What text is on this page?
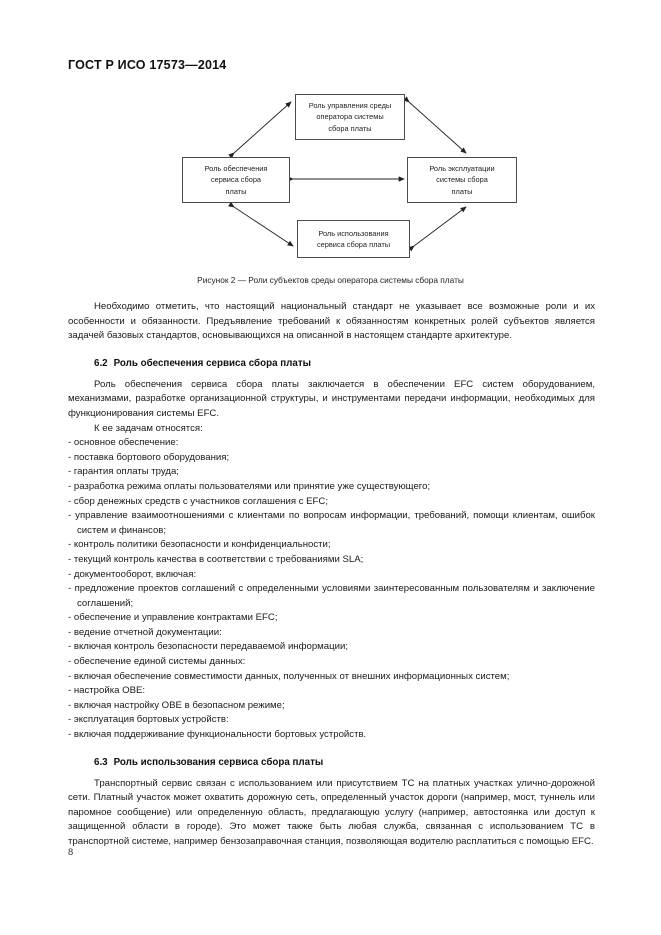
ГОСТ Р ИСО 17573—2014
Роль управления среды
оператора системы
сбора платы
Роль обеспечения
сервиса сбора
платы
Роль эксплуатации
системы сбора
платы
Роль использования
сервиса сбора платы
Рисунок 2 — Роли субъектов среды оператора системы сбора платы

Необходимо отметить, что настоящий национальный стандарт не указывает все возможные роли и их особенности и обязанности. Предъявление требований к обязанностям конкретных ролей субъектов является задачей базовых стандартов, основывающихся на описанной в настоящем стандарте архитектуре.

6.2 Роль обеспечения сервиса сбора платы

Роль обеспечения сервиса сбора платы заключается в обеспечении EFC систем оборудованием, механизмами, разработке организационной структуры, и инструментами передачи информации, необходимых для функционирования системы EFC.

К ее задачам относятся:

- основное обеспечение:
- поставка бортового оборудования;
- гарантия оплаты труда;
- разработка режима оплаты пользователями или принятие уже существующего;
- сбор денежных средств с участников соглашения с EFC;
- управление взаимоотношениями с клиентами по вопросам информации, требований, помощи клиентам, ошибок систем и финансов;
- контроль политики безопасности и конфиденциальности;
- текущий контроль качества в соответствии с требованиями SLA;
- документооборот, включая:
- предложение проектов соглашений с определенными условиями заинтересованным пользователям и заключение соглашений;
- обеспечение и управление контрактами EFC;
- ведение отчетной документации:
- включая контроль безопасности передаваемой информации;
- обеспечение единой системы данных:
- включая обеспечение совместимости данных, полученных от внешних информационных систем;
- настройка OBE:
- включая настройку OBE в безопасном режиме;
- эксплуатация бортовых устройств:
- включая поддерживание функциональности бортовых устройств.
6.3 Роль использования сервиса сбора платы

Транспортный сервис связан с использованием или присутствием ТС на платных участках улично-дорожной сети. Платный участок может охватить дорожную сеть, определенный участок дороги (например, мост, туннель или паромное сообщение) или определенную область, предлагающую услугу (например, автостоянка или доступ к защищенной области в городе). Это может также быть любая служба, связанная с использованием ТС в транспортной системе, например бензозаправочная станция, позволяющая водителю расплатиться с помощью EFC.

8
